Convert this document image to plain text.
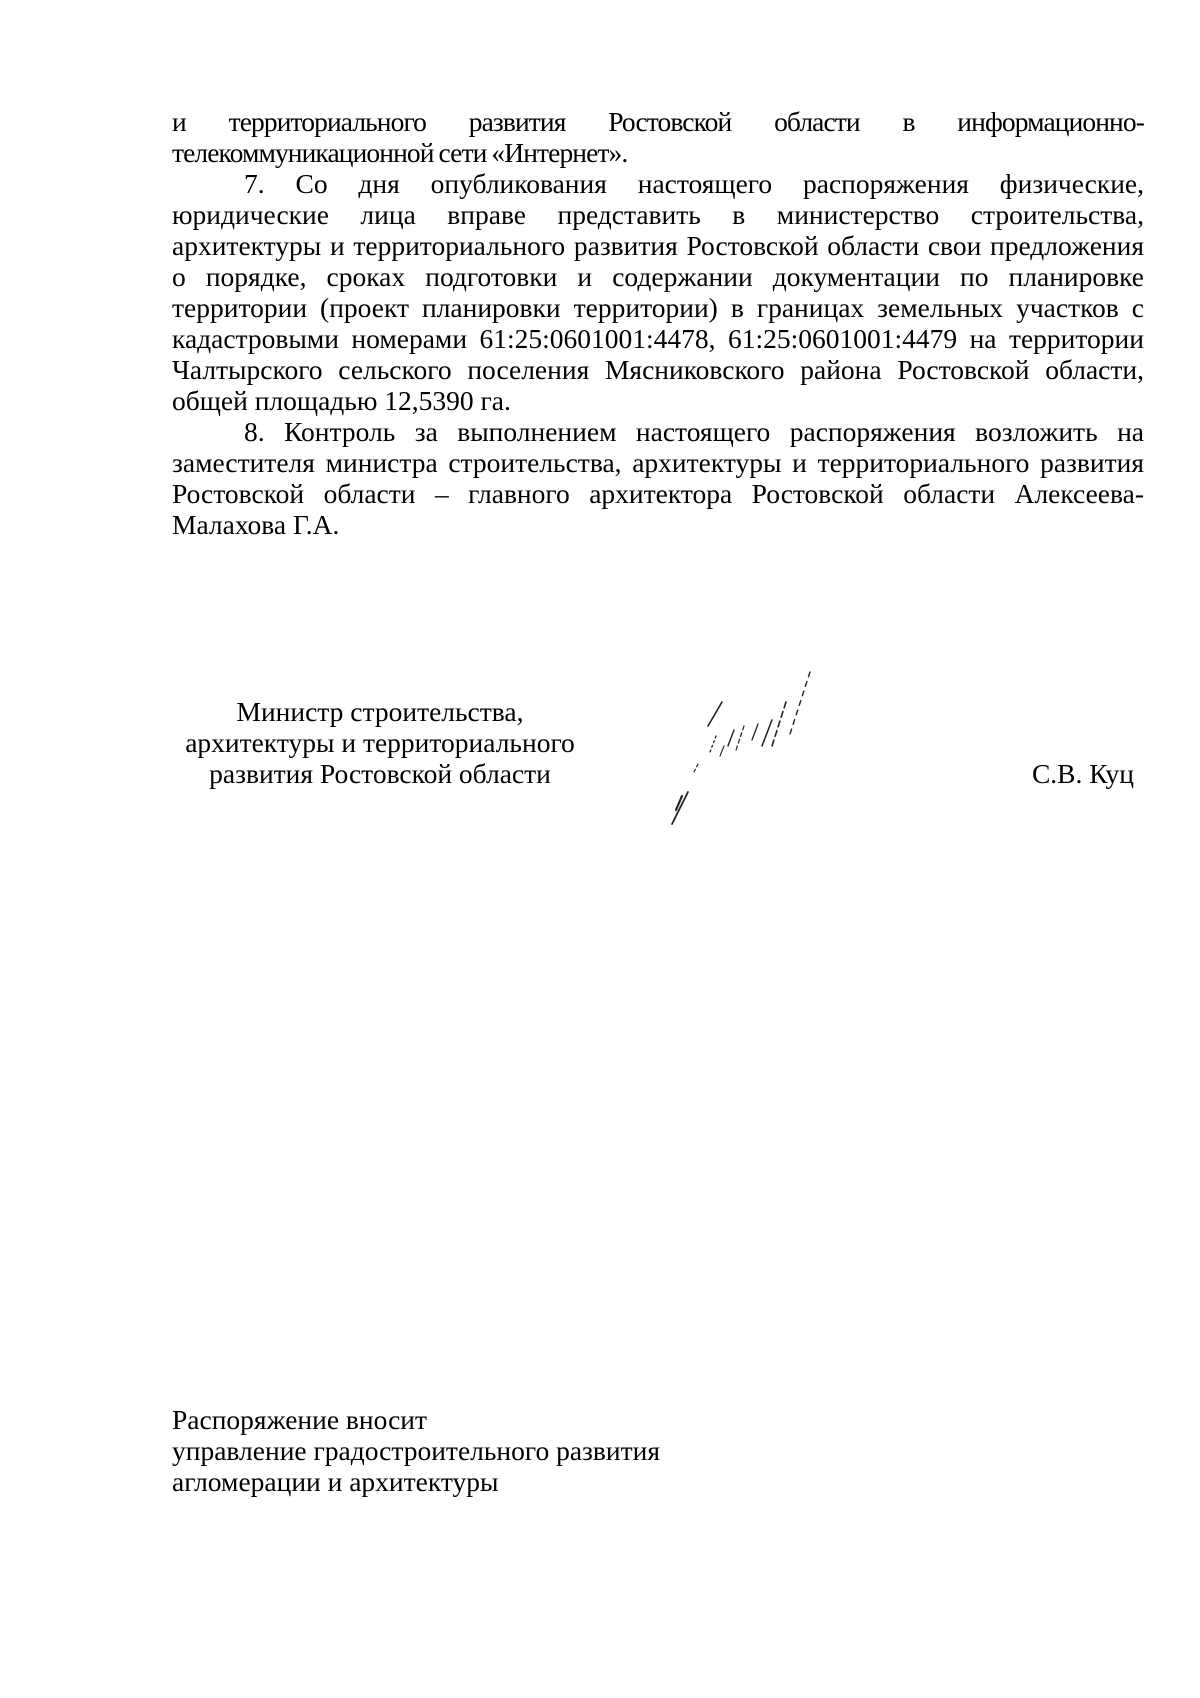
и территориального развития Ростовской области в информационно-телекоммуникационной сети «Интернет».

7. Со дня опубликования настоящего распоряжения физические, юридические лица вправе представить в министерство строительства, архитектуры и территориального развития Ростовской области свои предложения о порядке, сроках подготовки и содержании документации по планировке территории (проект планировки территории) в границах земельных участков с кадастровыми номерами 61:25:0601001:4478, 61:25:0601001:4479 на территории Чалтырского сельского поселения Мясниковского района Ростовской области, общей площадью 12,5390 га.

8. Контроль за выполнением настоящего распоряжения возложить на заместителя министра строительства, архитектуры и территориального развития Ростовской области – главного архитектора Ростовской области Алексеева-Малахова Г.А.

Министр строительства,
архитектуры и территориального
развития Ростовской области	С.В. Куц
Распоряжение вносит
управление градостроительного развития
агломерации и архитектуры
